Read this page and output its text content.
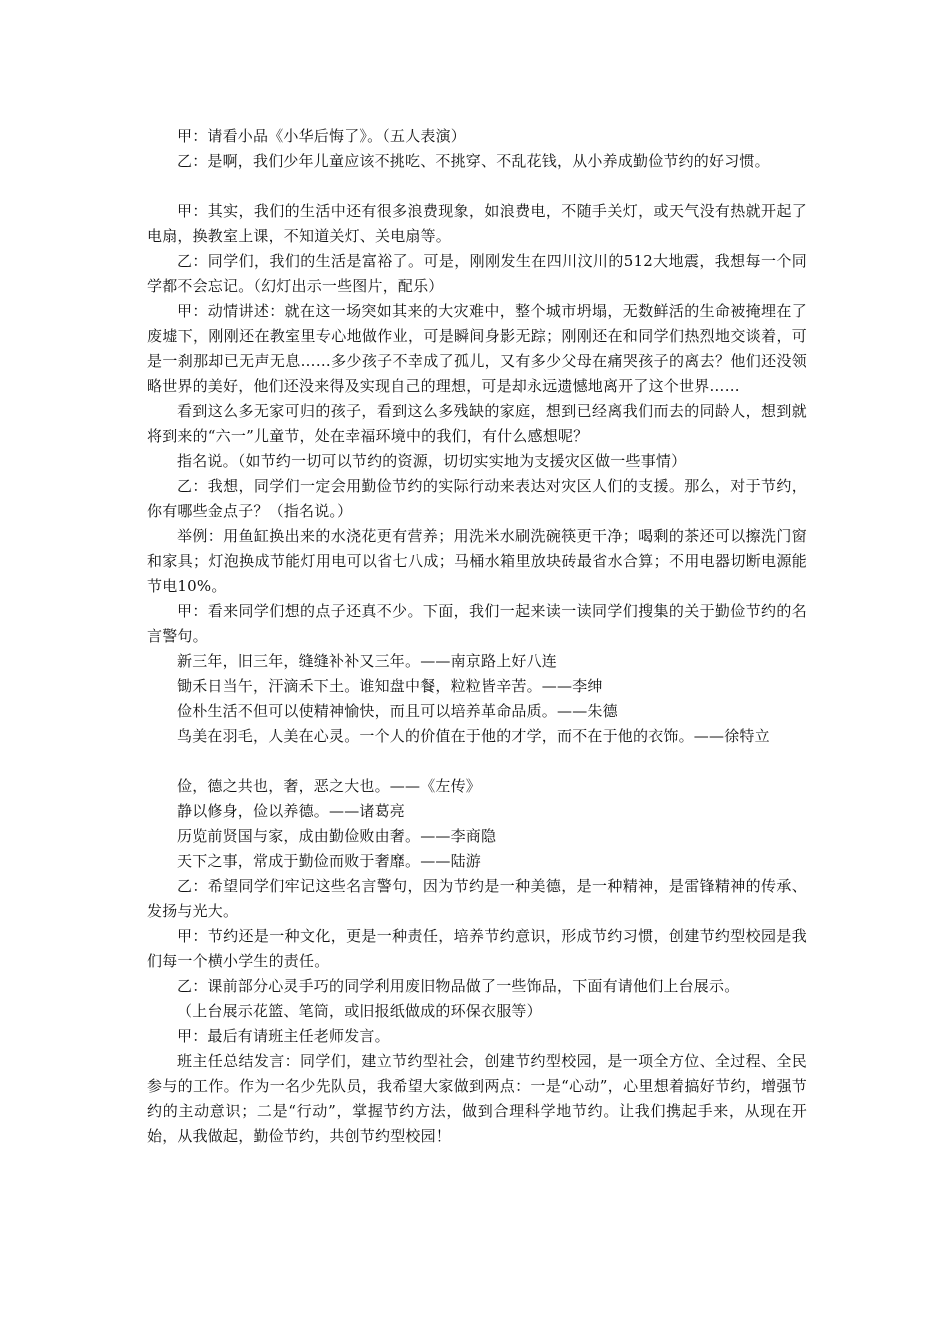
甲：请看小品《小华后悔了》。（五人表演）

乙：是啊，我们少年儿童应该不挑吃、不挑穿、不乱花钱，从小养成勤俭节约的好习惯。

甲：其实，我们的生活中还有很多浪费现象，如浪费电，不随手关灯，或天气没有热就开起了电扇，换教室上课，不知道关灯、关电扇等。

乙：同学们，我们的生活是富裕了。可是，刚刚发生在四川汶川的512大地震，我想每一个同学都不会忘记。（幻灯出示一些图片，配乐）

甲：动情讲述：就在这一场突如其来的大灾难中，整个城市坍塌，无数鲜活的生命被掩埋在了废墟下，刚刚还在教室里专心地做作业，可是瞬间身影无踪；刚刚还在和同学们热烈地交谈着，可是一刹那却已无声无息……多少孩子不幸成了孤儿，又有多少父母在痛哭孩子的离去？他们还没领略世界的美好，他们还没来得及实现自己的理想，可是却永远遗憾地离开了这个世界……

看到这么多无家可归的孩子，看到这么多残缺的家庭，想到已经离我们而去的同龄人，想到就将到来的“六一”儿童节，处在幸福环境中的我们，有什么感想呢？

指名说。（如节约一切可以节约的资源，切切实实地为支援灾区做一些事情）

乙：我想，同学们一定会用勤俭节约的实际行动来表达对灾区人们的支援。那么，对于节约，你有哪些金点子？（指名说。）

举例：用鱼缸换出来的水浇花更有营养；用洗米水刷洗碗筷更干净；喝剩的茶还可以擦洗门窗和家具；灯泡换成节能灯用电可以省七八成；马桶水箱里放块砖最省水合算；不用电器切断电源能节电10%。

甲：看来同学们想的点子还真不少。下面，我们一起来读一读同学们搜集的关于勤俭节约的名言警句。

新三年，旧三年，缝缝补补又三年。——南京路上好八连

锄禾日当午，汗滴禾下土。谁知盘中餐，粒粒皆辛苦。——李绅

俭朴生活不但可以使精神愉快，而且可以培养革命品质。——朱德

鸟美在羽毛，人美在心灵。一个人的价值在于他的才学，而不在于他的衣饰。——徐特立

俭，德之共也，奢，恶之大也。——《左传》

静以修身，俭以养德。——诸葛亮

历览前贤国与家，成由勤俭败由奢。——李商隐

天下之事，常成于勤俭而败于奢靡。——陆游

乙：希望同学们牢记这些名言警句，因为节约是一种美德，是一种精神，是雷锋精神的传承、发扬与光大。

甲：节约还是一种文化，更是一种责任，培养节约意识，形成节约习惯，创建节约型校园是我们每一个横小学生的责任。

乙：课前部分心灵手巧的同学利用废旧物品做了一些饰品，下面有请他们上台展示。

（上台展示花篮、笔筒，或旧报纸做成的环保衣服等）

甲：最后有请班主任老师发言。

班主任总结发言：同学们，建立节约型社会，创建节约型校园，是一项全方位、全过程、全民参与的工作。作为一名少先队员，我希望大家做到两点：一是“心动”，心里想着搞好节约，增强节约的主动意识；二是“行动”，掌握节约方法，做到合理科学地节约。让我们携起手来，从现在开始，从我做起，勤俭节约，共创节约型校园！
